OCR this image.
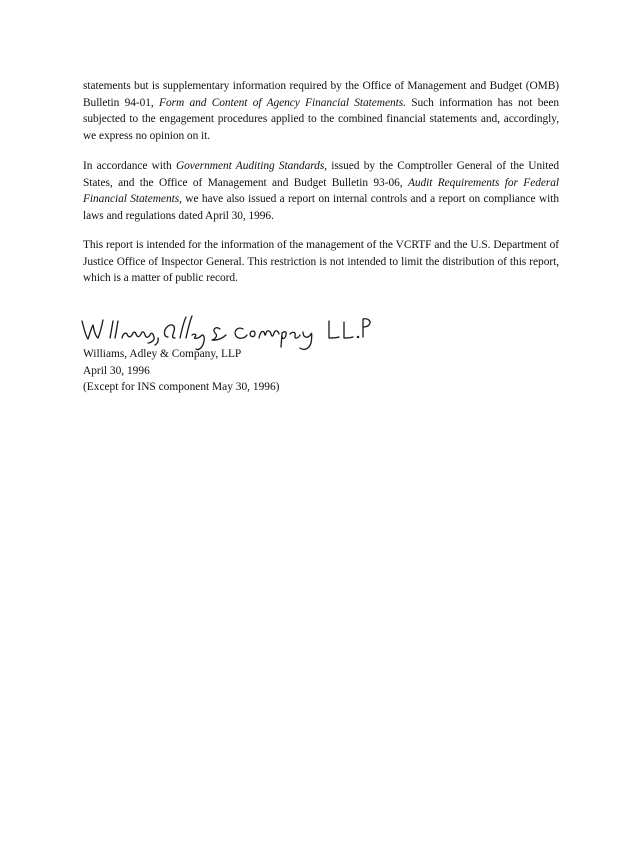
statements but is supplementary information required by the Office of Management and Budget (OMB) Bulletin 94-01, Form and Content of Agency Financial Statements. Such information has not been subjected to the engagement procedures applied to the combined financial statements and, accordingly, we express no opinion on it.

In accordance with Government Auditing Standards, issued by the Comptroller General of the United States, and the Office of Management and Budget Bulletin 93-06, Audit Requirements for Federal Financial Statements, we have also issued a report on internal controls and a report on compliance with laws and regulations dated April 30, 1996.

This report is intended for the information of the management of the VCRTF and the U.S. Department of Justice Office of Inspector General. This restriction is not intended to limit the distribution of this report, which is a matter of public record.

Williams, Adley & Company, LLP
April 30, 1996
(Except for INS component May 30, 1996)
